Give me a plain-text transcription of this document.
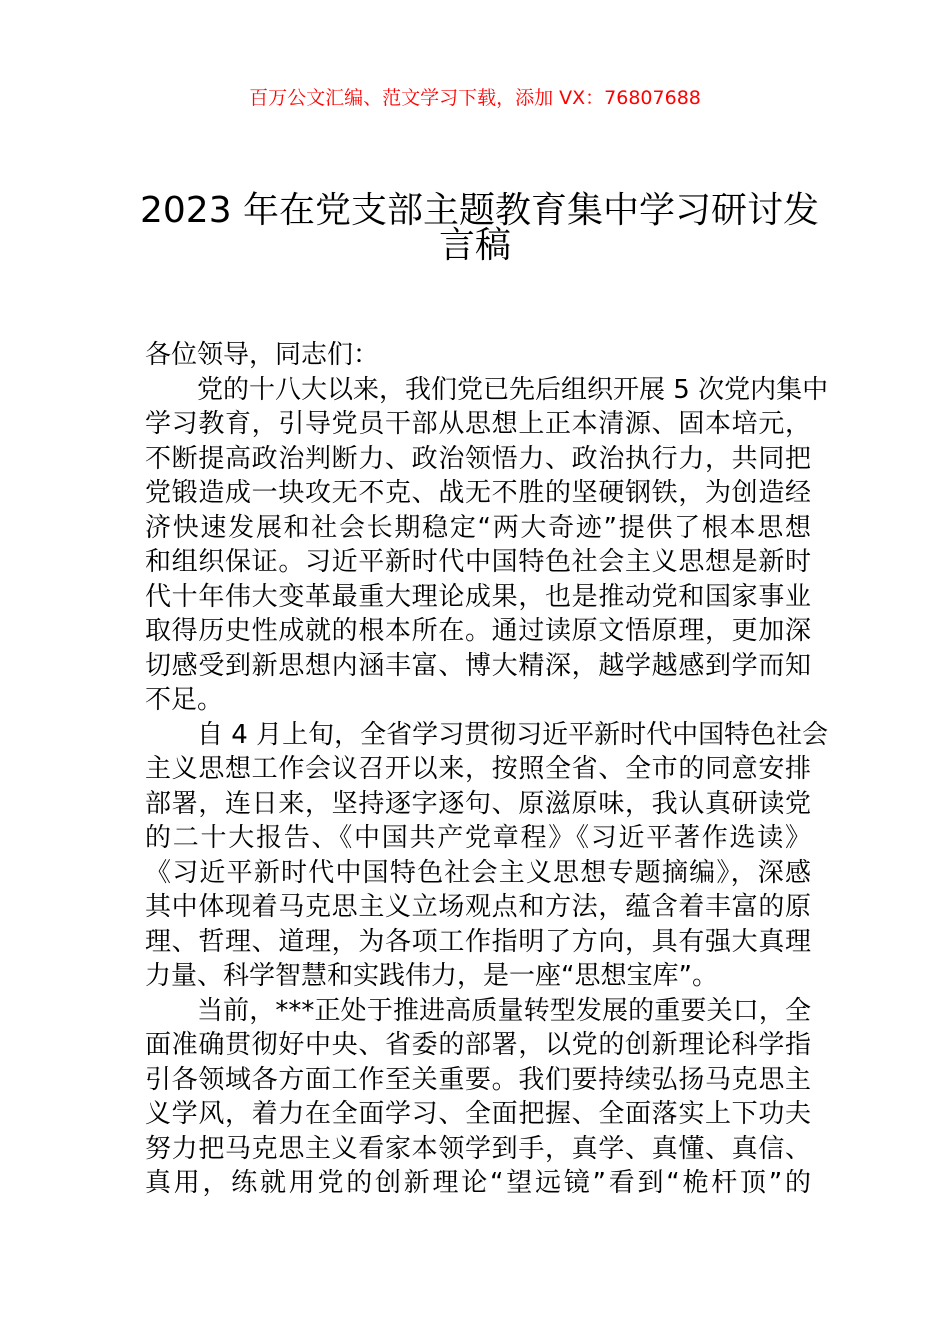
百万公文汇编、范文学习下载，添加 VX：76807688
2023 年在党支部主题教育集中学习研讨发
言稿
各位领导，同志们：
党的十八大以来，我们党已先后组织开展 5 次党内集中
学习教育，引导党员干部从思想上正本清源、固本培元，
不断提高政治判断力、政治领悟力、政治执行力，共同把
党锻造成一块攻无不克、战无不胜的坚硬钢铁，为创造经
济快速发展和社会长期稳定“两大奇迹”提供了根本思想
和组织保证。习近平新时代中国特色社会主义思想是新时
代十年伟大变革最重大理论成果，也是推动党和国家事业
取得历史性成就的根本所在。通过读原文悟原理，更加深
切感受到新思想内涵丰富、博大精深，越学越感到学而知
不足。
自 4 月上旬，全省学习贯彻习近平新时代中国特色社会
主义思想工作会议召开以来，按照全省、全市的同意安排
部署，连日来，坚持逐字逐句、原滋原味，我认真研读党
的二十大报告、《中国共产党章程》《习近平著作选读》
《习近平新时代中国特色社会主义思想专题摘编》，深感
其中体现着马克思主义立场观点和方法，蕴含着丰富的原
理、哲理、道理，为各项工作指明了方向，具有强大真理
力量、科学智慧和实践伟力，是一座“思想宝库”。
当前，***正处于推进高质量转型发展的重要关口，全
面准确贯彻好中央、省委的部署，以党的创新理论科学指
引各领域各方面工作至关重要。我们要持续弘扬马克思主
义学风，着力在全面学习、全面把握、全面落实上下功夫
努力把马克思主义看家本领学到手，真学、真懂、真信、
真用，练就用党的创新理论“望远镜”看到“桅杆顶”的
